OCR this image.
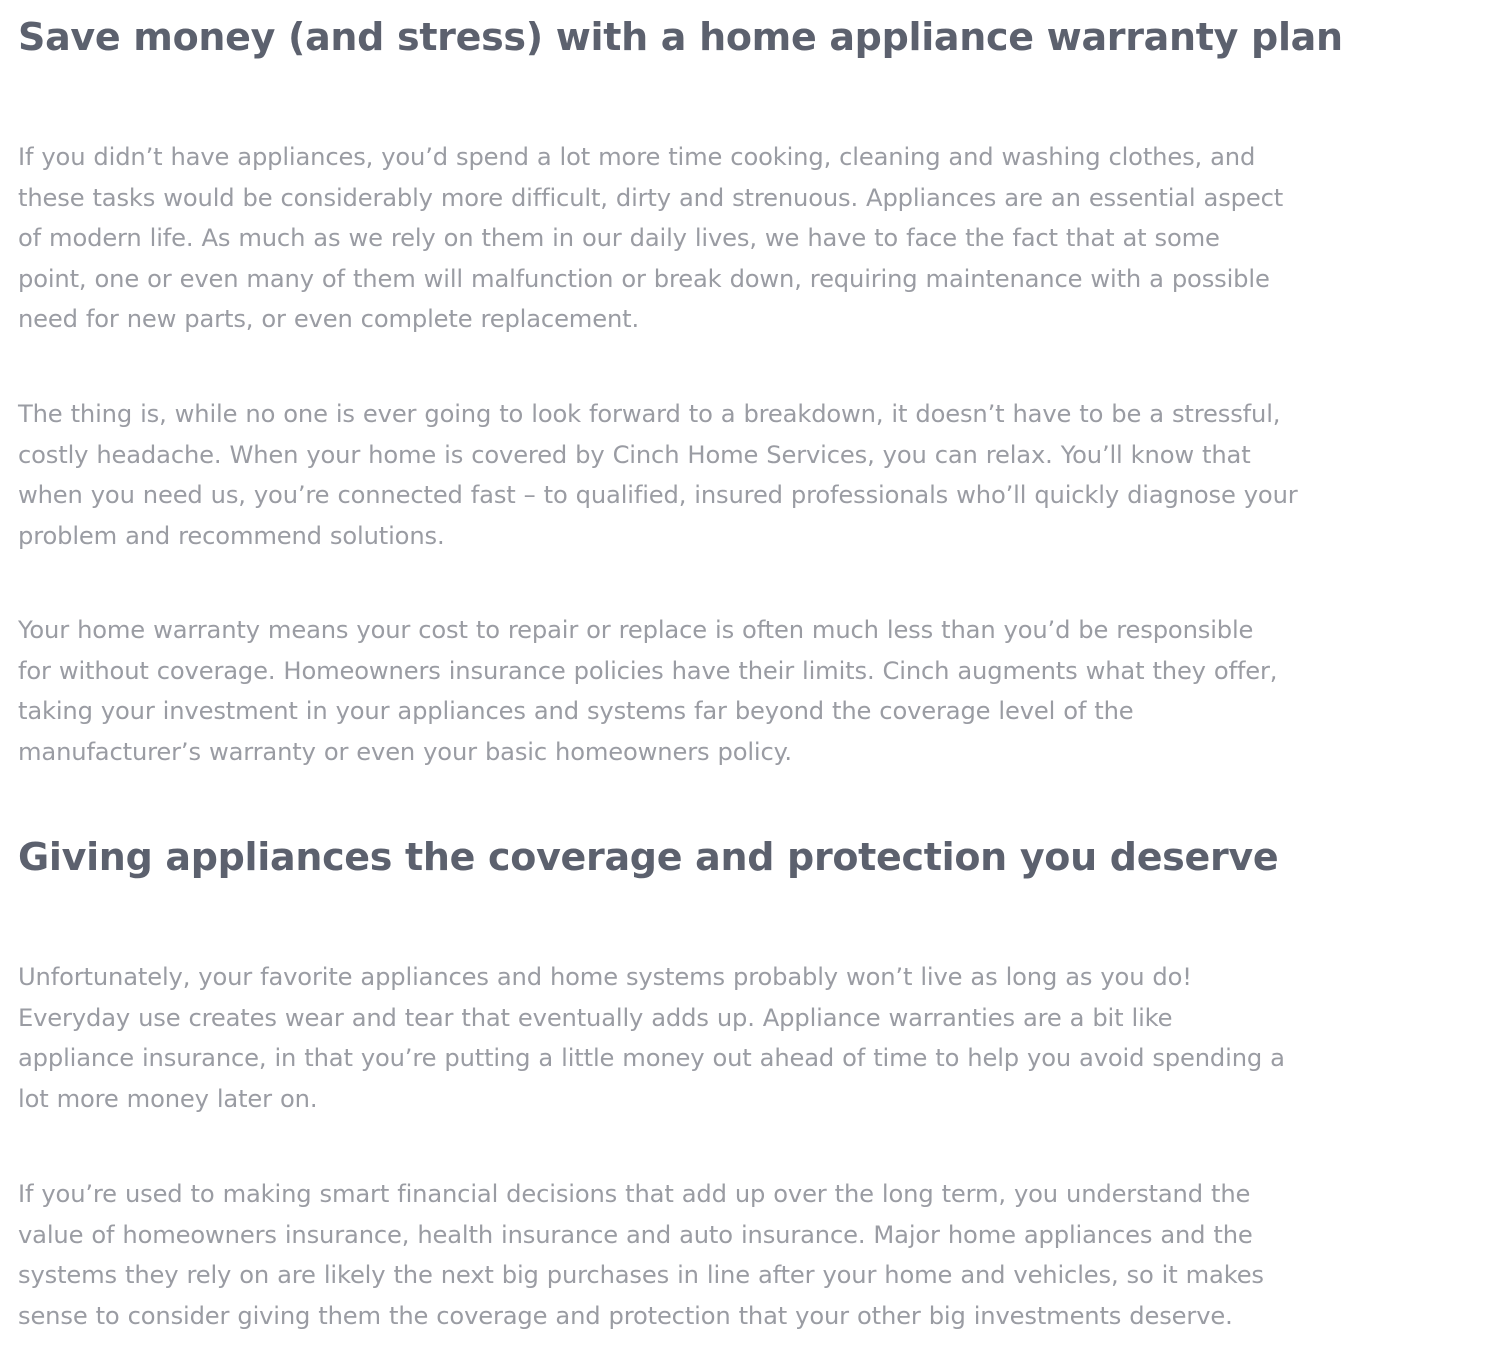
Save money (and stress) with a home appliance warranty plan

If you didn’t have appliances, you’d spend a lot more time cooking, cleaning and washing clothes, and
these tasks would be considerably more difficult, dirty and strenuous. Appliances are an essential aspect
of modern life. As much as we rely on them in our daily lives, we have to face the fact that at some
point, one or even many of them will malfunction or break down, requiring maintenance with a possible
need for new parts, or even complete replacement.

The thing is, while no one is ever going to look forward to a breakdown, it doesn’t have to be a stressful,
costly headache. When your home is covered by Cinch Home Services, you can relax. You’ll know that
when you need us, you’re connected fast – to qualified, insured professionals who’ll quickly diagnose your
problem and recommend solutions.

Your home warranty means your cost to repair or replace is often much less than you’d be responsible
for without coverage. Homeowners insurance policies have their limits. Cinch augments what they offer,
taking your investment in your appliances and systems far beyond the coverage level of the
manufacturer’s warranty or even your basic homeowners policy.

Giving appliances the coverage and protection you deserve

Unfortunately, your favorite appliances and home systems probably won’t live as long as you do!
Everyday use creates wear and tear that eventually adds up. Appliance warranties are a bit like
appliance insurance, in that you’re putting a little money out ahead of time to help you avoid spending a
lot more money later on.

If you’re used to making smart financial decisions that add up over the long term, you understand the
value of homeowners insurance, health insurance and auto insurance. Major home appliances and the
systems they rely on are likely the next big purchases in line after your home and vehicles, so it makes
sense to consider giving them the coverage and protection that your other big investments deserve.
